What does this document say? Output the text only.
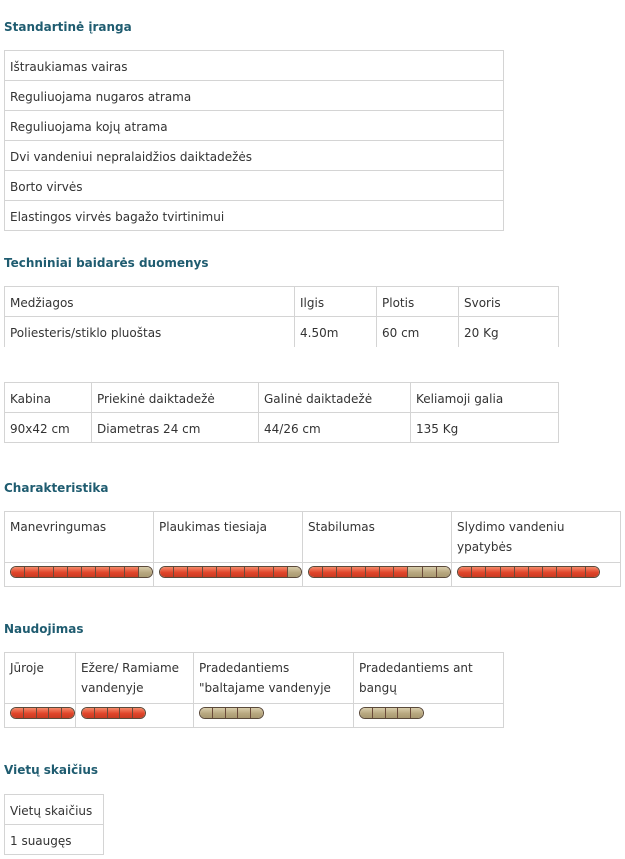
Standartinė įranga
Ištraukiamas vairas
Reguliuojama nugaros atrama
Reguliuojama kojų atrama
Dvi vandeniui nepralaidžios daiktadežės
Borto virvės
Elastingos virvės bagažo tvirtinimui
Techniniai baidarės duomenys
Medžiagos	Ilgis	Plotis	Svoris
Poliesteris/stiklo pluoštas	4.50m	60 cm	20 Kg
Kabina	Priekinė daiktadežė	Galinė daiktadežė	Keliamoji galia
90x42 cm	Diametras 24 cm	44/26 cm	135 Kg
Charakteristika
Manevringumas	Plaukimas tiesiaja	Stabilumas	Slydimo vandeniu ypatybės

Naudojimas
Jūroje	Ežere/ Ramiame vandenyje	Pradedantiems "baltajame vandenyje	Pradedantiems ant bangų

Vietų skaičius
Vietų skaičius
1 suaugęs
